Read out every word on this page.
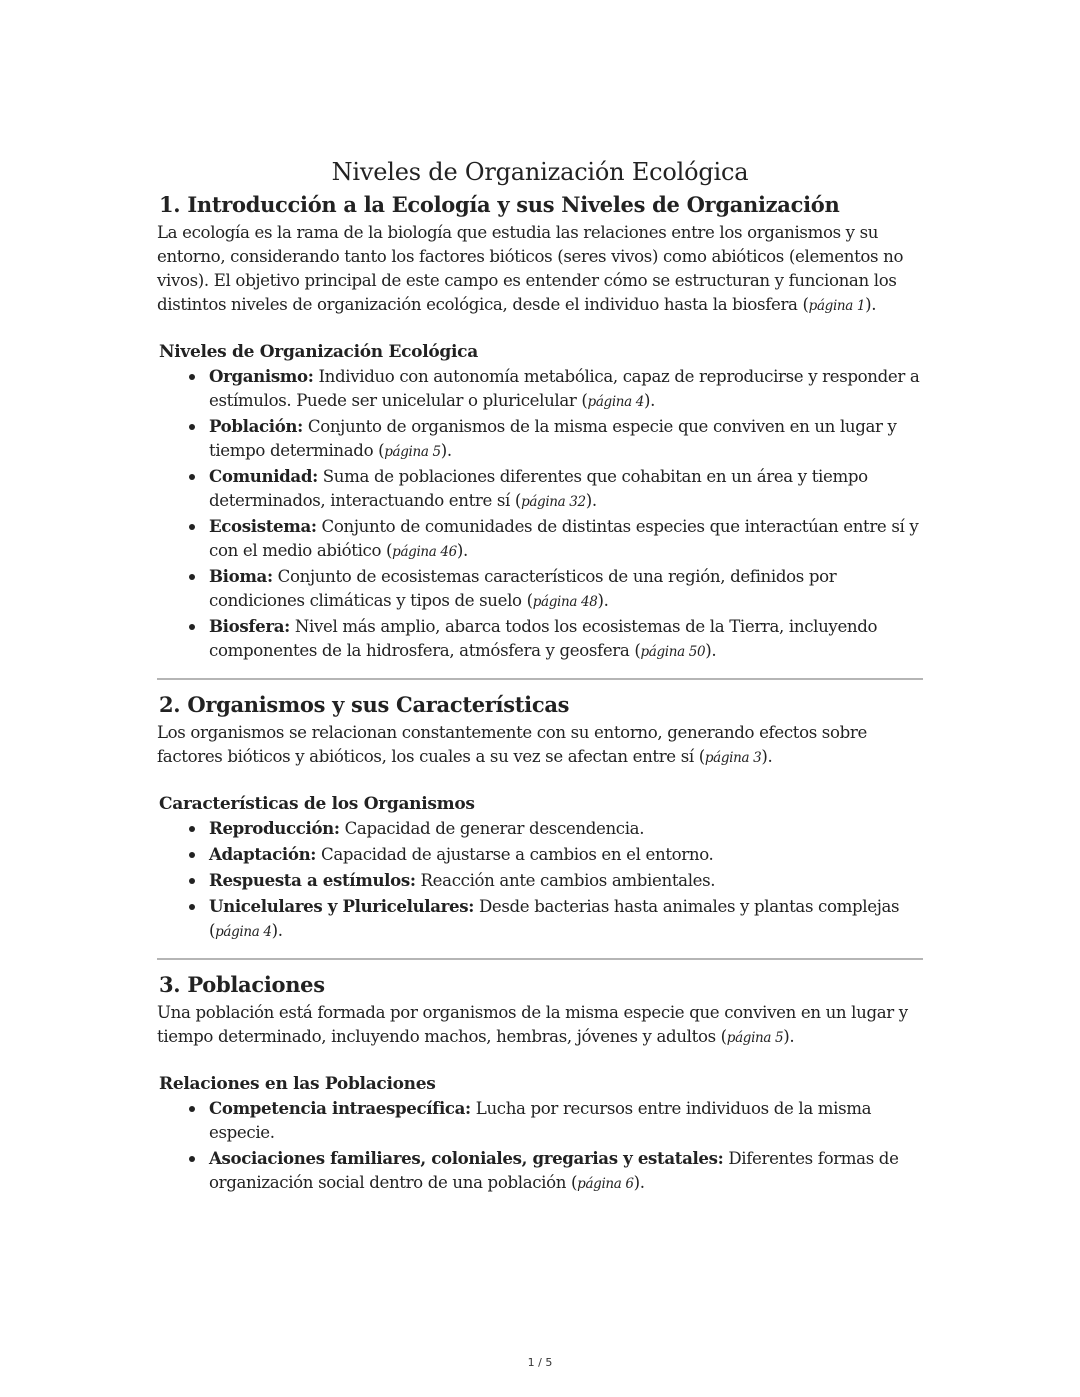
Niveles de Organización Ecológica
1. Introducción a la Ecología y sus Niveles de Organización

La ecología es la rama de la biología que estudia las relaciones entre los organismos y su entorno, considerando tanto los factores bióticos (seres vivos) como abióticos (elementos no vivos). El objetivo principal de este campo es entender cómo se estructuran y funcionan los distintos niveles de organización ecológica, desde el individuo hasta la biosfera (página 1).

Niveles de Organización Ecológica
Organismo: Individuo con autonomía metabólica, capaz de reproducirse y responder a estímulos. Puede ser unicelular o pluricelular (página 4).
Población: Conjunto de organismos de la misma especie que conviven en un lugar y tiempo determinado (página 5).
Comunidad: Suma de poblaciones diferentes que cohabitan en un área y tiempo determinados, interactuando entre sí (página 32).
Ecosistema: Conjunto de comunidades de distintas especies que interactúan entre sí y con el medio abiótico (página 46).
Bioma: Conjunto de ecosistemas característicos de una región, definidos por condiciones climáticas y tipos de suelo (página 48).
Biosfera: Nivel más amplio, abarca todos los ecosistemas de la Tierra, incluyendo componentes de la hidrosfera, atmósfera y geosfera (página 50).
2. Organismos y sus Características

Los organismos se relacionan constantemente con su entorno, generando efectos sobre factores bióticos y abióticos, los cuales a su vez se afectan entre sí (página 3).

Características de los Organismos
Reproducción: Capacidad de generar descendencia.
Adaptación: Capacidad de ajustarse a cambios en el entorno.
Respuesta a estímulos: Reacción ante cambios ambientales.
Unicelulares y Pluricelulares: Desde bacterias hasta animales y plantas complejas (página 4).
3. Poblaciones

Una población está formada por organismos de la misma especie que conviven en un lugar y tiempo determinado, incluyendo machos, hembras, jóvenes y adultos (página 5).

Relaciones en las Poblaciones
Competencia intraespecífica: Lucha por recursos entre individuos de la misma especie.
Asociaciones familiares, coloniales, gregarias y estatales: Diferentes formas de organización social dentro de una población (página 6).
1 / 5
